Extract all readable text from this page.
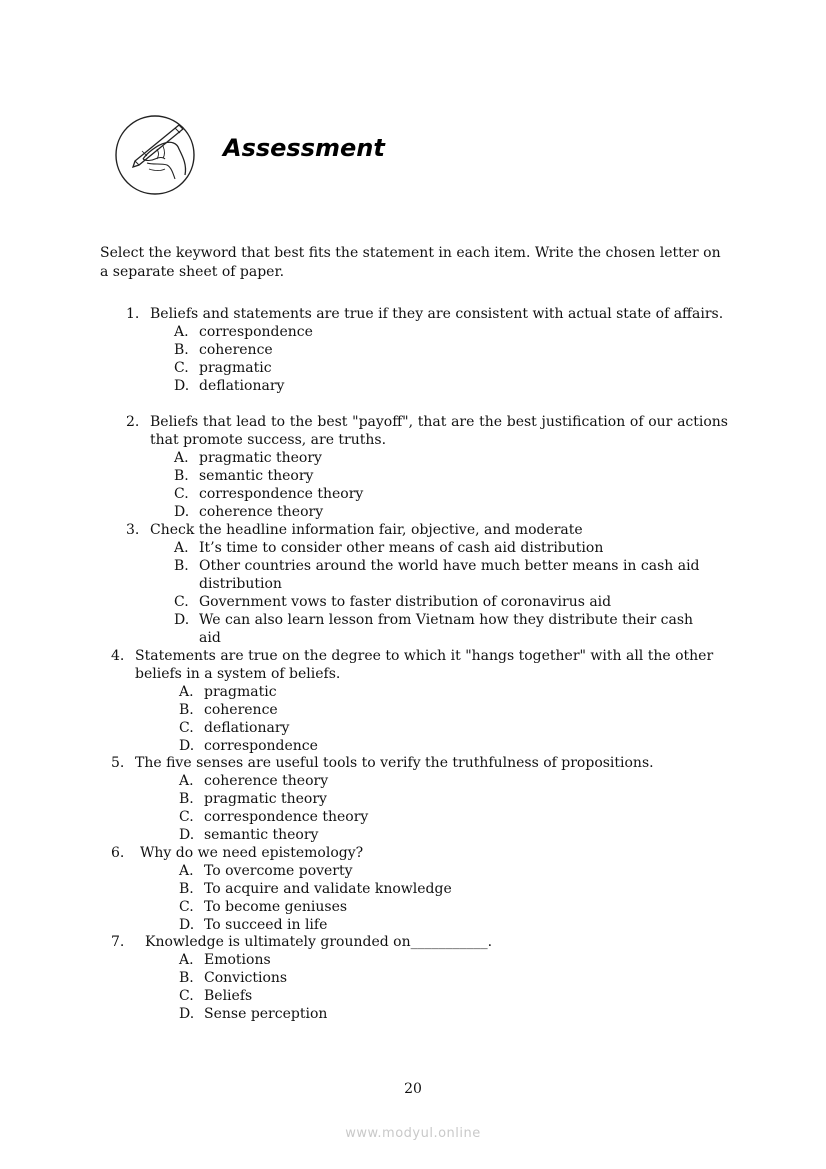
Assessment

Select the keyword that best fits the statement in each item. Write the chosen letter on a separate sheet of paper.

1. Beliefs and statements are true if they are consistent with actual state of affairs.
A. correspondence
B. coherence
C. pragmatic
D. deflationary
2. Beliefs that lead to the best "payoff", that are the best justification of our actions that promote success, are truths.
A. pragmatic theory
B. semantic theory
C. correspondence theory
D. coherence theory
3. Check the headline information fair, objective, and moderate
A. It’s time to consider other means of cash aid distribution
B. Other countries around the world have much better means in cash aid distribution
C. Government vows to faster distribution of coronavirus aid
D. We can also learn lesson from Vietnam how they distribute their cash aid
4. Statements are true on the degree to which it "hangs together" with all the other beliefs in a system of beliefs.
A. pragmatic
B. coherence
C. deflationary
D. correspondence
5. The five senses are useful tools to verify the truthfulness of propositions.
A. coherence theory
B. pragmatic theory
C. correspondence theory
D. semantic theory
6. Why do we need epistemology?
A. To overcome poverty
B. To acquire and validate knowledge
C. To become geniuses
D. To succeed in life
7. Knowledge is ultimately grounded on___________.
A. Emotions
B. Convictions
C. Beliefs
D. Sense perception
20
www.modyul.online
